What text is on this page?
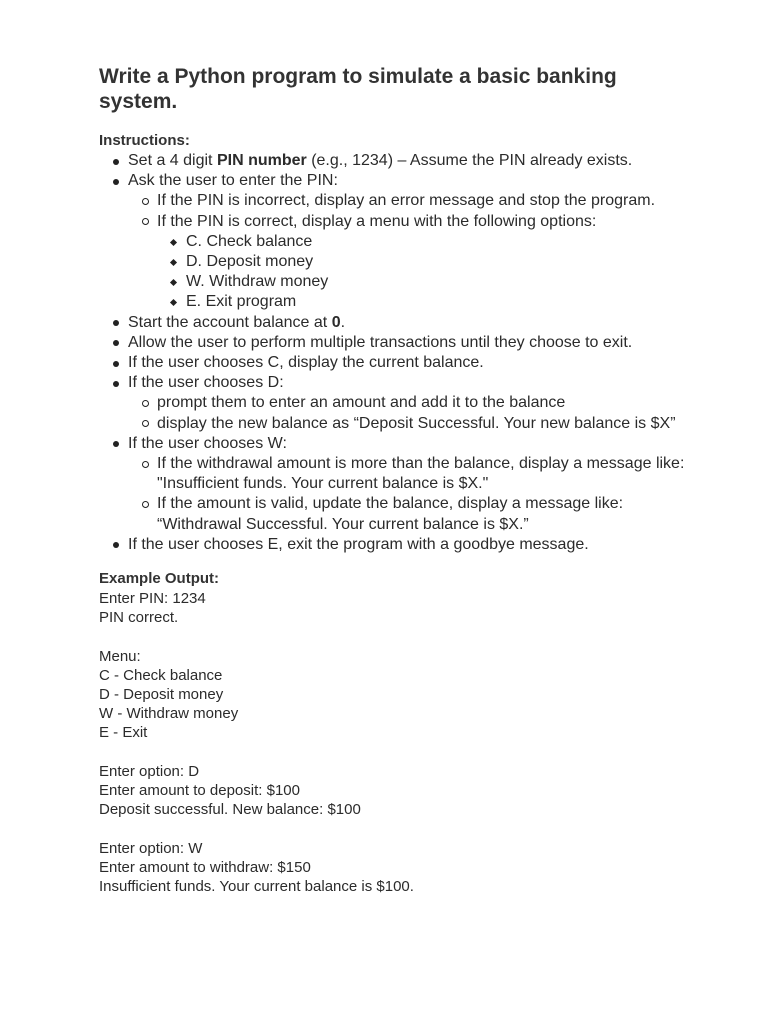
Write a Python program to simulate a basic banking system.
Instructions:
Set a 4 digit PIN number (e.g., 1234) – Assume the PIN already exists.
Ask the user to enter the PIN:
If the PIN is incorrect, display an error message and stop the program.
If the PIN is correct, display a menu with the following options:
C. Check balance
D. Deposit money
W. Withdraw money
E. Exit program
Start the account balance at 0.
Allow the user to perform multiple transactions until they choose to exit.
If the user chooses C, display the current balance.
If the user chooses D:
prompt them to enter an amount and add it to the balance
display the new balance as “Deposit Successful. Your new balance is $X”
If the user chooses W:
If the withdrawal amount is more than the balance, display a message like: "Insufficient funds. Your current balance is $X."
If the amount is valid, update the balance, display a message like: “Withdrawal Successful. Your current balance is $X.”
If the user chooses E, exit the program with a goodbye message.
Example Output:
Enter PIN: 1234
PIN correct.
Menu:
C - Check balance
D - Deposit money
W - Withdraw money
E - Exit
Enter option: D
Enter amount to deposit: $100
Deposit successful. New balance: $100
Enter option: W
Enter amount to withdraw: $150
Insufficient funds. Your current balance is $100.
